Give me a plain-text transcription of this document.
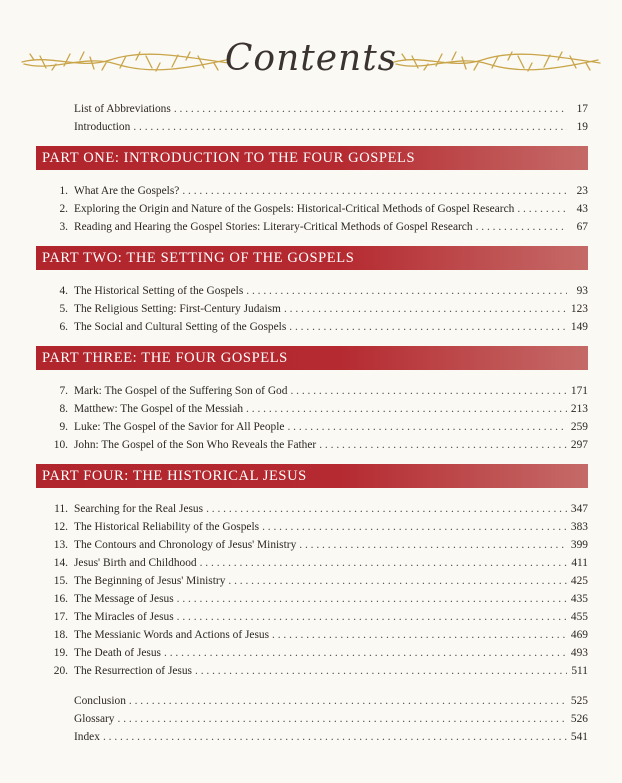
Contents
List of Abbreviations . . .	17
Introduction . . .	19
PART ONE: INTRODUCTION TO THE FOUR GOSPELS
1. What Are the Gospels? . . .	23
2. Exploring the Origin and Nature of the Gospels: Historical-Critical Methods of Gospel Research . . .	43
3. Reading and Hearing the Gospel Stories: Literary-Critical Methods of Gospel Research . . .	67
PART TWO: THE SETTING OF THE GOSPELS
4. The Historical Setting of the Gospels . . .	93
5. The Religious Setting: First-Century Judaism . . .	123
6. The Social and Cultural Setting of the Gospels . . .	149
PART THREE: THE FOUR GOSPELS
7. Mark: The Gospel of the Suffering Son of God . . .	171
8. Matthew: The Gospel of the Messiah . . .	213
9. Luke: The Gospel of the Savior for All People . . .	259
10. John: The Gospel of the Son Who Reveals the Father . . .	297
PART FOUR: THE HISTORICAL JESUS
11. Searching for the Real Jesus . . .	347
12. The Historical Reliability of the Gospels . . .	383
13. The Contours and Chronology of Jesus' Ministry . . .	399
14. Jesus' Birth and Childhood . . .	411
15. The Beginning of Jesus' Ministry . . .	425
16. The Message of Jesus . . .	435
17. The Miracles of Jesus . . .	455
18. The Messianic Words and Actions of Jesus . . .	469
19. The Death of Jesus . . .	493
20. The Resurrection of Jesus . . .	511
Conclusion . . .	525
Glossary . . .	526
Index . . .	541
